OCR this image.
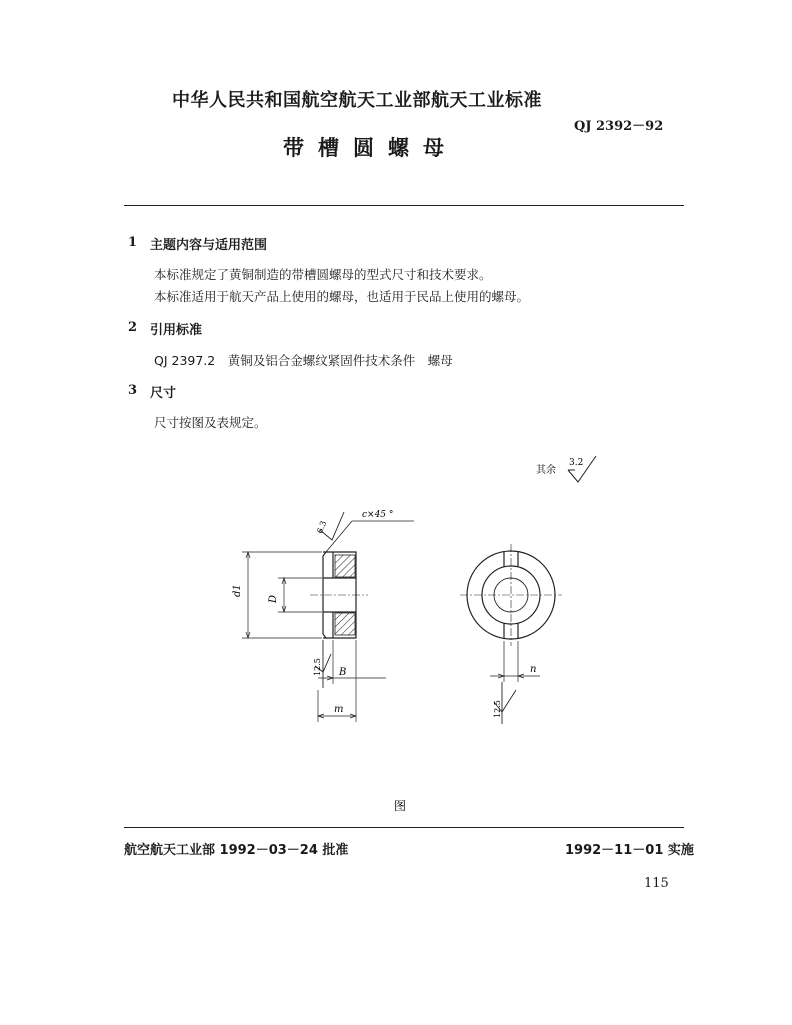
中华人民共和国航空航天工业部航天工业标准
QJ 2392－92
带槽圆螺母
1 主题内容与适用范围
本标准规定了黄铜制造的带槽圆螺母的型式尺寸和技术要求。
本标准适用于航天产品上使用的螺母，也适用于民品上使用的螺母。
2 引用标准
QJ 2397.2　黄铜及铝合金螺纹紧固件技术条件　螺母
3 尺寸
尺寸按图及表规定。
其余
3.2
d1
D
c×45 °
6.3
12.5 B
m
n
12.5
图
航空航天工业部 1992－03－24 批准	1992－11－01 实施
115
